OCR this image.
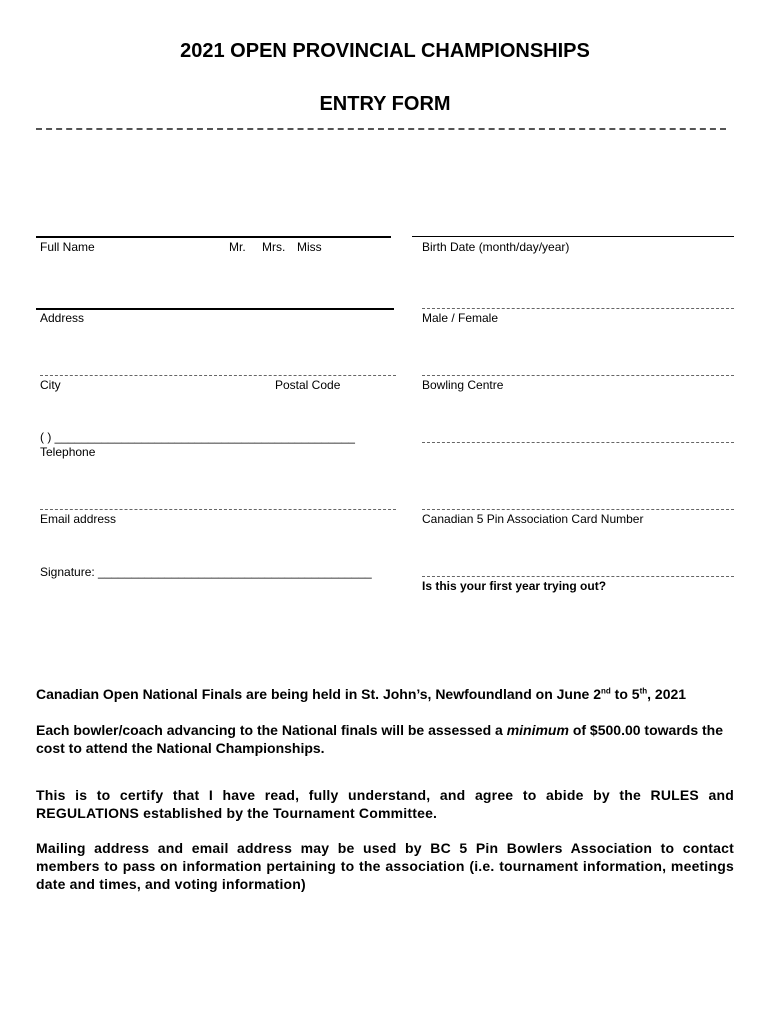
2021 OPEN PROVINCIAL CHAMPIONSHIPS
ENTRY FORM
Full Name	Mr. Mrs. Miss	Birth Date (month/day/year)
Address	Male / Female
City	Postal Code	Bowling Centre
( ) _____________________________________________
Telephone
Email address	Canadian 5 Pin Association Card Number
Signature: _________________________________________
Is this your first year trying out?
Canadian Open National Finals are being held in St. John’s, Newfoundland on June 2nd to 5th, 2021
Each bowler/coach advancing to the National finals will be assessed a minimum of $500.00 towards the cost to attend the National Championships.
This is to certify that I have read, fully understand, and agree to abide by the RULES and REGULATIONS established by the Tournament Committee.
Mailing address and email address may be used by BC 5 Pin Bowlers Association to contact members to pass on information pertaining to the association (i.e. tournament information, meetings date and times, and voting information)
